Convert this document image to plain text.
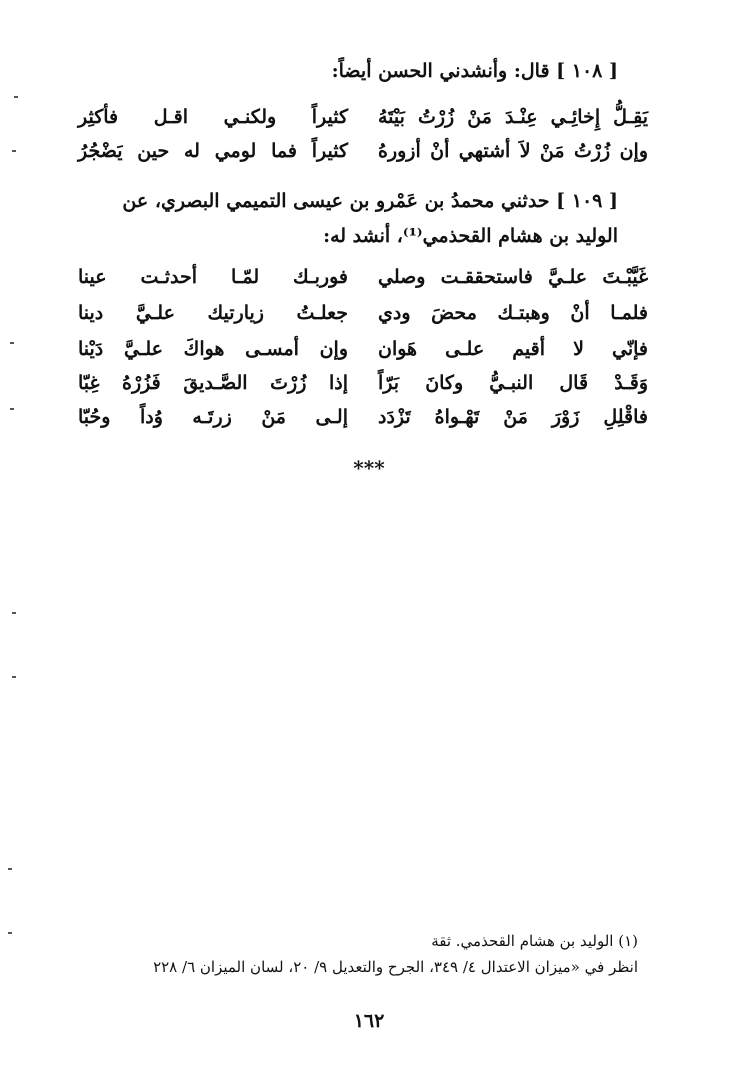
[ ١٠٨ ] قال: وأنشدني الحسن أيضاً:
يَقِـلُّ إِخائِـي عِنْـدَ مَنْ زُرْتُ بَيْتَهُ
كثيراً ولكنـي اقـل فأكثِر
وإن زُرْتُ مَنْ لاَ أشتهي أنْ أزورهُ
كثيراً فما لومي له حين يَضْجُرُ
[ ١٠٩ ] حدثني محمدُ بن عَمْرو بن عيسى التميمي البصري، عن
الوليد بن هشام القحذمي⁽¹⁾، أنشد له:
غَيَّبْـتَ علـيَّ فاستحققـت وصلي
فوربـك لمّـا أحدثـت عينا
فلمـا أنْ وهبتـك محضَ ودي
جعلـتُ زيارتيك علـيَّ دينا
فإنّي لا أقيم علـى هَوان
وإن أمسـى هواكَ علـيَّ دَيْنا
وَقَـدْ قَال النبـيُّ وكانَ بَرّاً
إذا زُرْتَ الصَّـديقَ فَزُرْهُ غِبّا
فاقْلِلِ زَوْرَ مَنْ تَهْـواهُ تَزْدَد
إلـى مَنْ زرتَـه وُداً وحُبّا
***
(١) الوليد بن هشام القحذمي. ثقة
انظر في «ميزان الاعتدال ٤/ ٣٤٩، الجرح والتعديل ٩/ ٢٠، لسان الميزان ٦/ ٢٢٨
١٦٢
